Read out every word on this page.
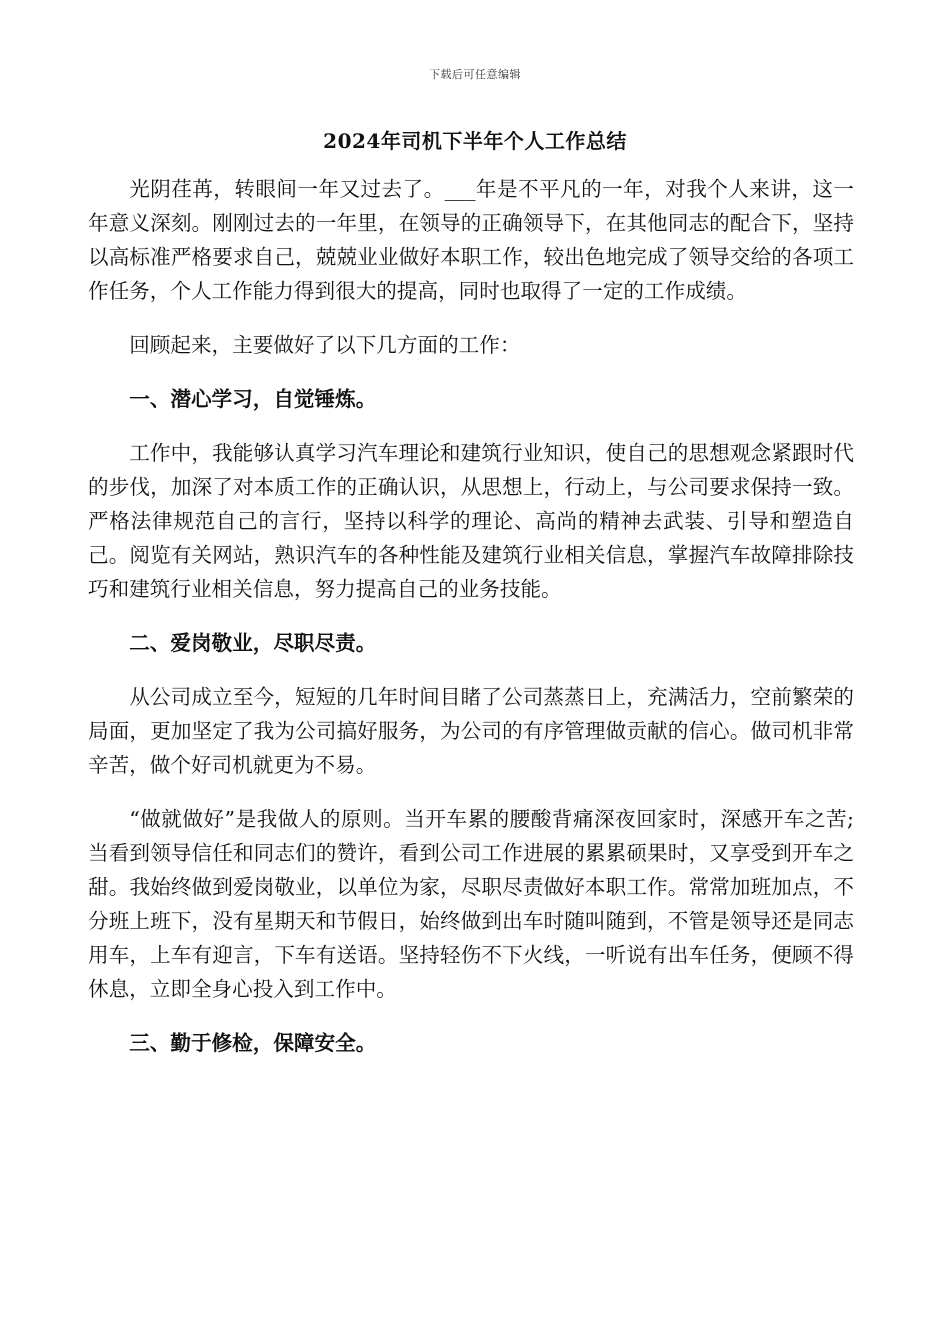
下载后可任意编辑
2024年司机下半年个人工作总结

光阴荏苒，转眼间一年又过去了。___年是不平凡的一年，对我个人来讲，这一年意义深刻。刚刚过去的一年里，在领导的正确领导下，在其他同志的配合下，坚持以高标准严格要求自己，兢兢业业做好本职工作，较出色地完成了领导交给的各项工作任务，个人工作能力得到很大的提高，同时也取得了一定的工作成绩。

回顾起来，主要做好了以下几方面的工作：

一、潜心学习，自觉锤炼。

工作中，我能够认真学习汽车理论和建筑行业知识，使自己的思想观念紧跟时代的步伐，加深了对本质工作的正确认识，从思想上，行动上，与公司要求保持一致。严格法律规范自己的言行，坚持以科学的理论、高尚的精神去武装、引导和塑造自己。阅览有关网站，熟识汽车的各种性能及建筑行业相关信息，掌握汽车故障排除技巧和建筑行业相关信息，努力提高自己的业务技能。

二、爱岗敬业，尽职尽责。

从公司成立至今，短短的几年时间目睹了公司蒸蒸日上，充满活力，空前繁荣的局面，更加坚定了我为公司搞好服务，为公司的有序管理做贡献的信心。做司机非常辛苦，做个好司机就更为不易。

“做就做好”是我做人的原则。当开车累的腰酸背痛深夜回家时，深感开车之苦;当看到领导信任和同志们的赞许，看到公司工作进展的累累硕果时，又享受到开车之甜。我始终做到爱岗敬业，以单位为家，尽职尽责做好本职工作。常常加班加点，不分班上班下，没有星期天和节假日，始终做到出车时随叫随到，不管是领导还是同志用车，上车有迎言，下车有送语。坚持轻伤不下火线，一听说有出车任务，便顾不得休息，立即全身心投入到工作中。

三、勤于修检，保障安全。
